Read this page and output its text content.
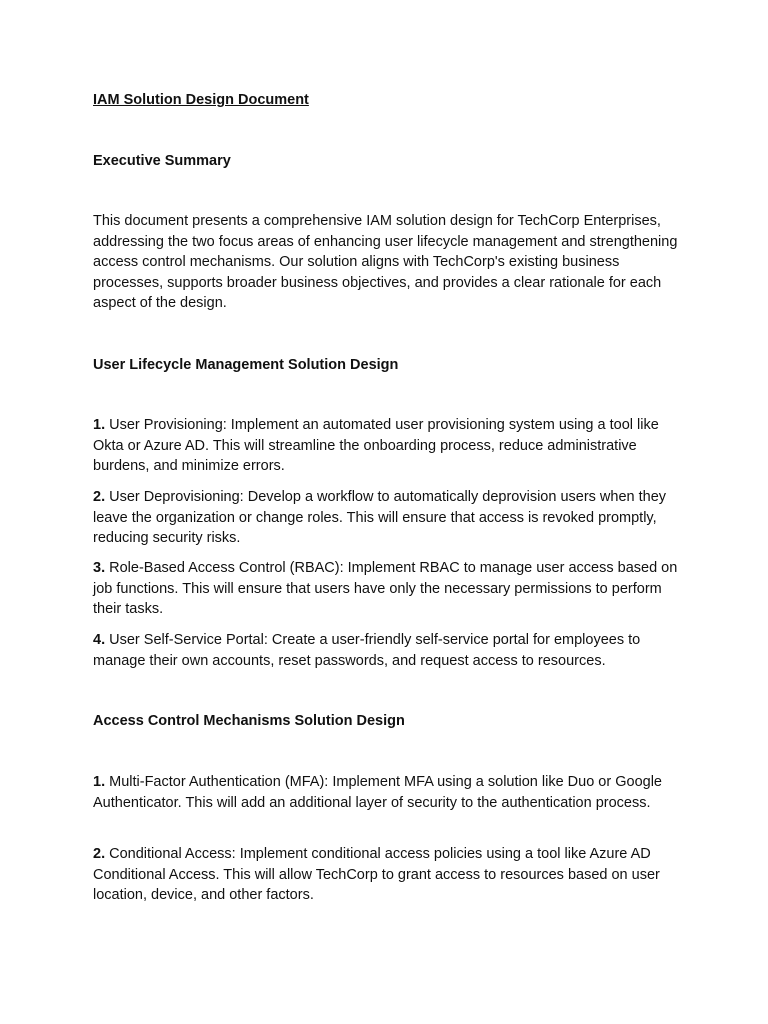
IAM Solution Design Document

Executive Summary

This document presents a comprehensive IAM solution design for TechCorp Enterprises, addressing the two focus areas of enhancing user lifecycle management and strengthening access control mechanisms. Our solution aligns with TechCorp's existing business processes, supports broader business objectives, and provides a clear rationale for each aspect of the design.

User Lifecycle Management Solution Design

1. User Provisioning: Implement an automated user provisioning system using a tool like Okta or Azure AD. This will streamline the onboarding process, reduce administrative burdens, and minimize errors.

2. User Deprovisioning: Develop a workflow to automatically deprovision users when they leave the organization or change roles. This will ensure that access is revoked promptly, reducing security risks.

3. Role-Based Access Control (RBAC): Implement RBAC to manage user access based on job functions. This will ensure that users have only the necessary permissions to perform their tasks.

4. User Self-Service Portal: Create a user-friendly self-service portal for employees to manage their own accounts, reset passwords, and request access to resources.

Access Control Mechanisms Solution Design

1. Multi-Factor Authentication (MFA): Implement MFA using a solution like Duo or Google Authenticator. This will add an additional layer of security to the authentication process.

2. Conditional Access: Implement conditional access policies using a tool like Azure AD Conditional Access. This will allow TechCorp to grant access to resources based on user location, device, and other factors.
